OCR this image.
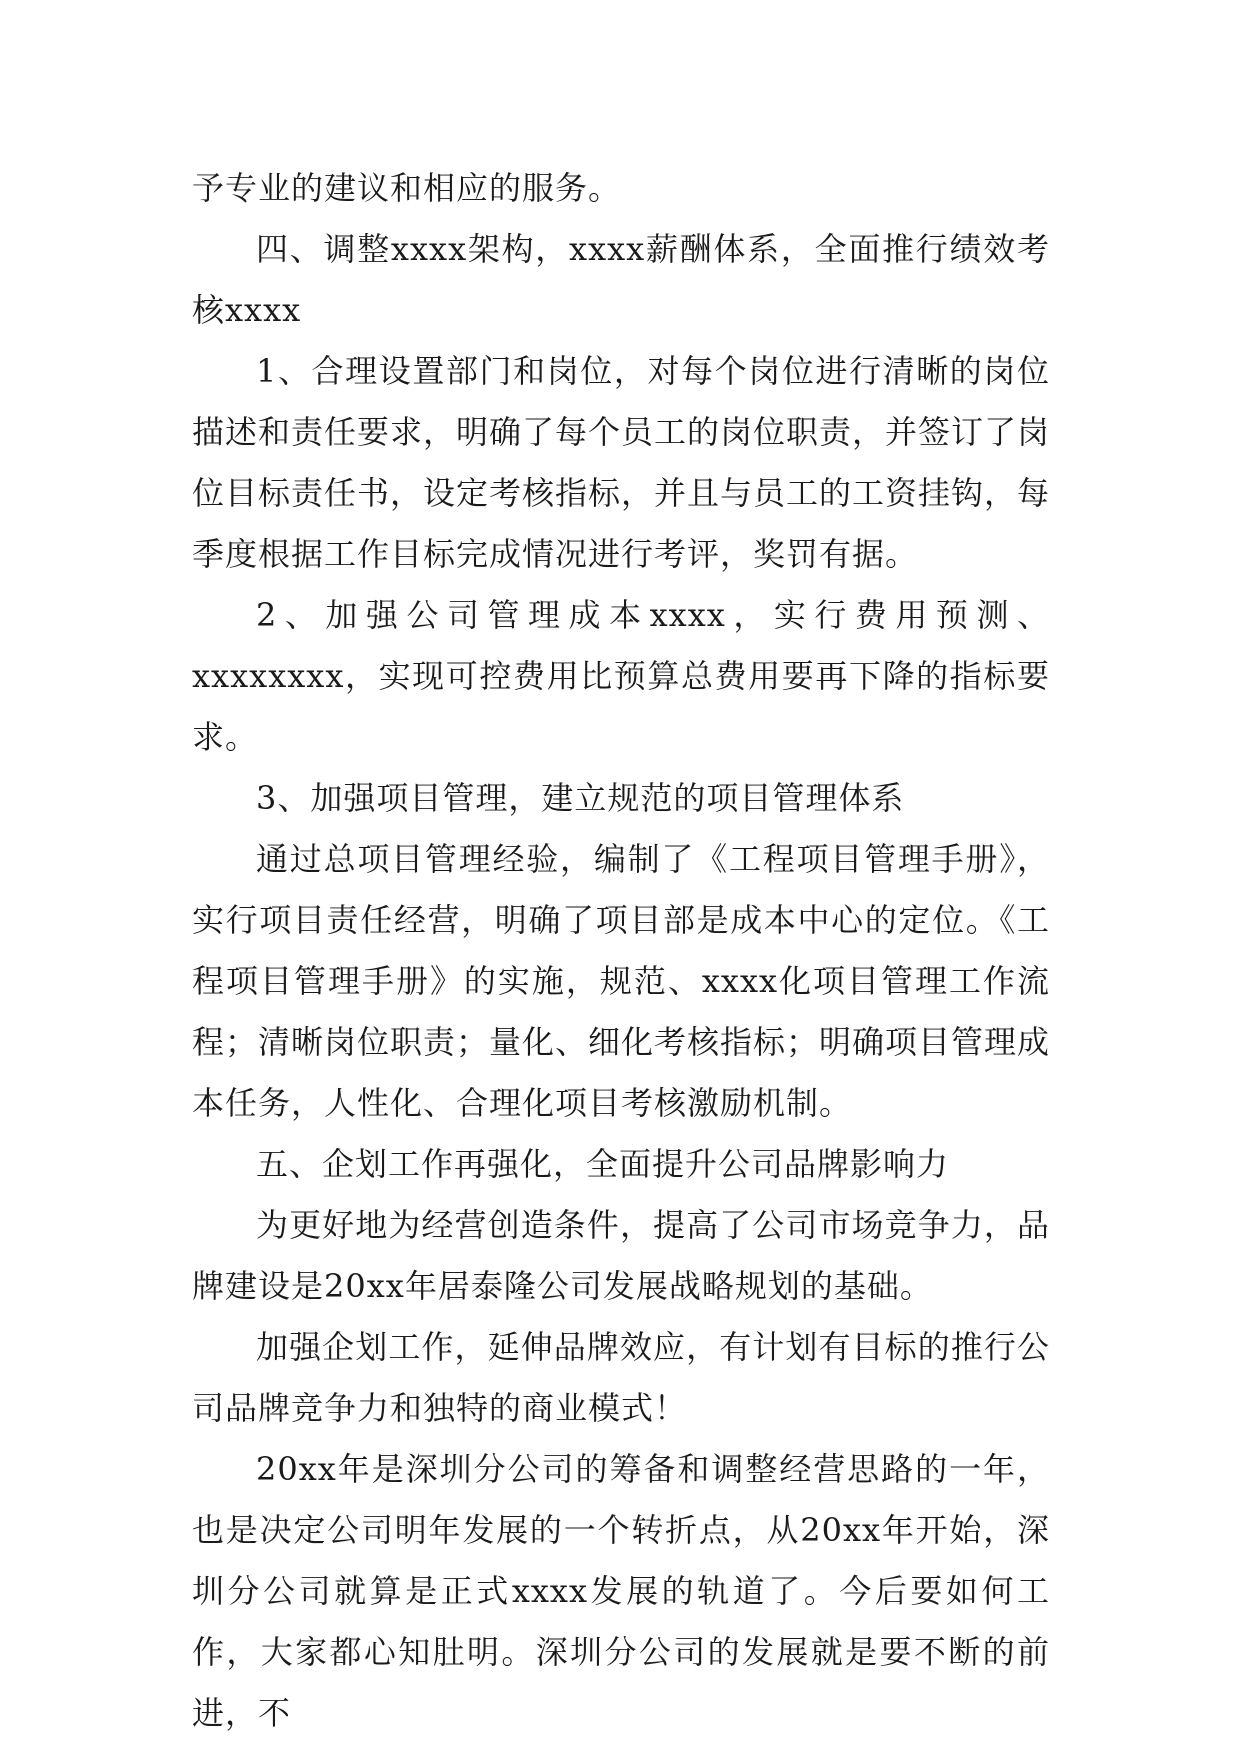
予专业的建议和相应的服务。

四、调整xxxx架构，xxxx薪酬体系，全面推行绩效考核xxxx

1、合理设置部门和岗位，对每个岗位进行清晰的岗位描述和责任要求，明确了每个员工的岗位职责，并签订了岗位目标责任书，设定考核指标，并且与员工的工资挂钩，每季度根据工作目标完成情况进行考评，奖罚有据。

2、加强公司管理成本xxxx，实行费用预测、xxxxxxxx，实现可控费用比预算总费用要再下降的指标要求。

3、加强项目管理，建立规范的项目管理体系

通过总项目管理经验，编制了《工程项目管理手册》，实行项目责任经营，明确了项目部是成本中心的定位。《工程项目管理手册》的实施，规范、xxxx化项目管理工作流程；清晰岗位职责；量化、细化考核指标；明确项目管理成本任务，人性化、合理化项目考核激励机制。

五、企划工作再强化，全面提升公司品牌影响力

为更好地为经营创造条件，提高了公司市场竞争力，品牌建设是20xx年居泰隆公司发展战略规划的基础。

加强企划工作，延伸品牌效应，有计划有目标的推行公司品牌竞争力和独特的商业模式！

20xx年是深圳分公司的筹备和调整经营思路的一年，也是决定公司明年发展的一个转折点，从20xx年开始，深圳分公司就算是正式xxxx发展的轨道了。今后要如何工作，大家都心知肚明。深圳分公司的发展就是要不断的前进，不
